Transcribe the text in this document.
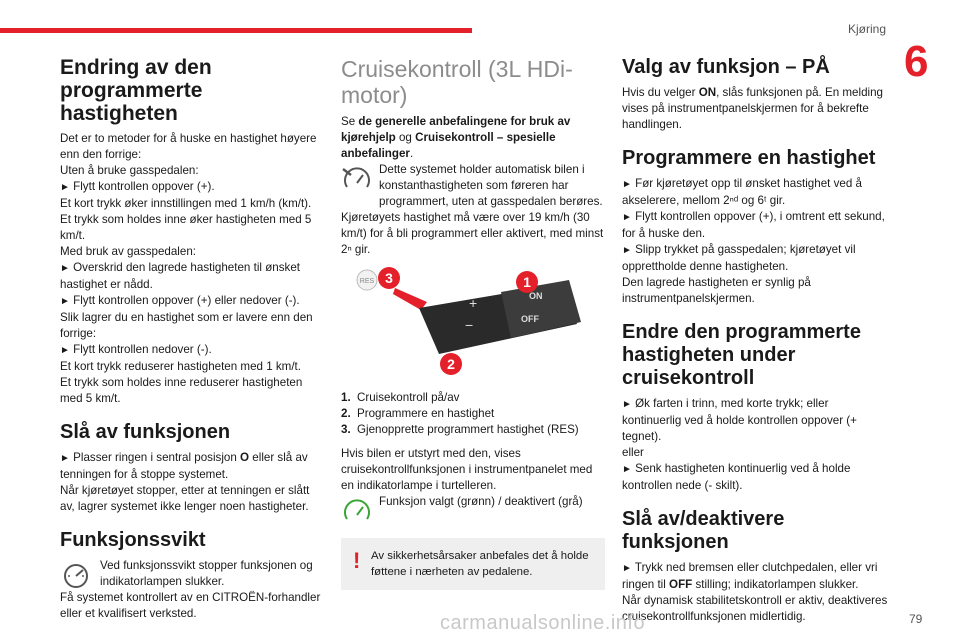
Kjøring
6
Endring av den programmerte hastigheten

Det er to metoder for å huske en hastighet høyere enn den forrige:

Uten å bruke gasspedalen:

► Flytt kontrollen oppover (+).

Et kort trykk øker innstillingen med 1 km/h (km/t).

Et trykk som holdes inne øker hastigheten med 5 km/t.

Med bruk av gasspedalen:

► Overskrid den lagrede hastigheten til ønsket hastighet er nådd.

► Flytt kontrollen oppover (+) eller nedover (-).

Slik lagrer du en hastighet som er lavere enn den forrige:

► Flytt kontrollen nedover (-).

Et kort trykk reduserer hastigheten med 1 km/t.

Et trykk som holdes inne reduserer hastigheten med 5 km/t.

Slå av funksjonen

► Plasser ringen i sentral posisjon O eller slå av tenningen for å stoppe systemet.

Når kjøretøyet stopper, etter at tenningen er slått av, lagrer systemet ikke lenger noen hastigheter.

Funksjonssvikt
Ved funksjonssvikt stopper funksjonen og indikatorlampen slukker.

Få systemet kontrollert av en CITROËN-forhandler eller et kvalifisert verksted.

Cruisekontroll (3L HDi-motor)

Se de generelle anbefalingene for bruk av kjørehjelp og Cruisekontroll – spesielle anbefalinger.

Dette systemet holder automatisk bilen i konstanthastigheten som føreren har programmert, uten at gasspedalen berøres.

Kjøretøyets hastighet må være over 19 km/h (30 km/t) for å bli programmert eller aktivert, med minst 2ⁿ gir.

RES
+
−
ON
OFF
1
2
3
1. Cruisekontroll på/av
2. Programmere en hastighet
3. Gjenopprette programmert hastighet (RES)

Hvis bilen er utstyrt med den, vises cruisekontrollfunksjonen i instrumentpanelet med en indikatorlampe i turtelleren.

Funksjon valgt (grønn) / deaktivert (grå)
! Av sikkerhetsårsaker anbefales det å holde føttene i nærheten av pedalene.
Valg av funksjon – PÅ

Hvis du velger ON, slås funksjonen på. En melding vises på instrumentpanelskjermen for å bekrefte handlingen.

Programmere en hastighet

► Før kjøretøyet opp til ønsket hastighet ved å akselerere, mellom 2ⁿᵈ og 6ᵗ gir.

► Flytt kontrollen oppover (+), i omtrent ett sekund, for å huske den.

► Slipp trykket på gasspedalen; kjøretøyet vil opprettholde denne hastigheten.

Den lagrede hastigheten er synlig på instrumentpanelskjermen.

Endre den programmerte hastigheten under cruisekontroll

► Øk farten i trinn, med korte trykk; eller kontinuerlig ved å holde kontrollen oppover (+ tegnet).

eller

► Senk hastigheten kontinuerlig ved å holde kontrollen nede (- skilt).

Slå av/deaktivere funksjonen

► Trykk ned bremsen eller clutchpedalen, eller vri ringen til OFF stilling; indikatorlampen slukker.

Når dynamisk stabilitetskontroll er aktiv, deaktiveres cruisekontrollfunksjonen midlertidig.

carmanualsonline.info	79
